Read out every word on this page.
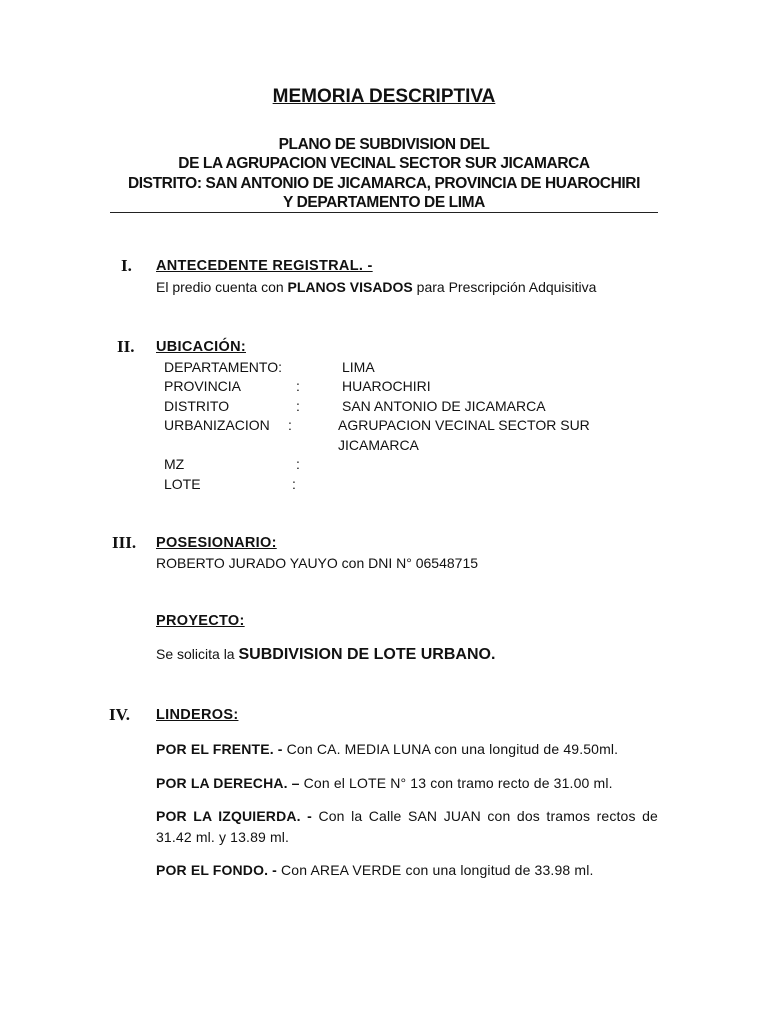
MEMORIA DESCRIPTIVA
PLANO DE SUBDIVISION DEL
DE LA AGRUPACION VECINAL SECTOR SUR JICAMARCA
DISTRITO: SAN ANTONIO DE JICAMARCA, PROVINCIA DE HUAROCHIRI
Y DEPARTAMENTO DE LIMA
I. ANTECEDENTE REGISTRAL. -
El predio cuenta con PLANOS VISADOS para Prescripción Adquisitiva
II. UBICACIÓN:
DEPARTAMENTO:	LIMA
PROVINCIA	:	HUAROCHIRI
DISTRITO	:	SAN ANTONIO DE JICAMARCA
URBANIZACION :	AGRUPACION VECINAL SECTOR SUR
JICAMARCA
MZ	:
LOTE	:
III. POSESIONARIO:
ROBERTO JURADO YAUYO con DNI N° 06548715
PROYECTO:
Se solicita la SUBDIVISION DE LOTE URBANO.
IV. LINDEROS:
POR EL FRENTE. - Con CA. MEDIA LUNA con una longitud de 49.50ml.
POR LA DERECHA. – Con el LOTE N° 13 con tramo recto de 31.00 ml.
POR LA IZQUIERDA. - Con la Calle SAN JUAN con dos tramos rectos de 31.42 ml. y 13.89 ml.
POR EL FONDO. - Con AREA VERDE con una longitud de 33.98 ml.
